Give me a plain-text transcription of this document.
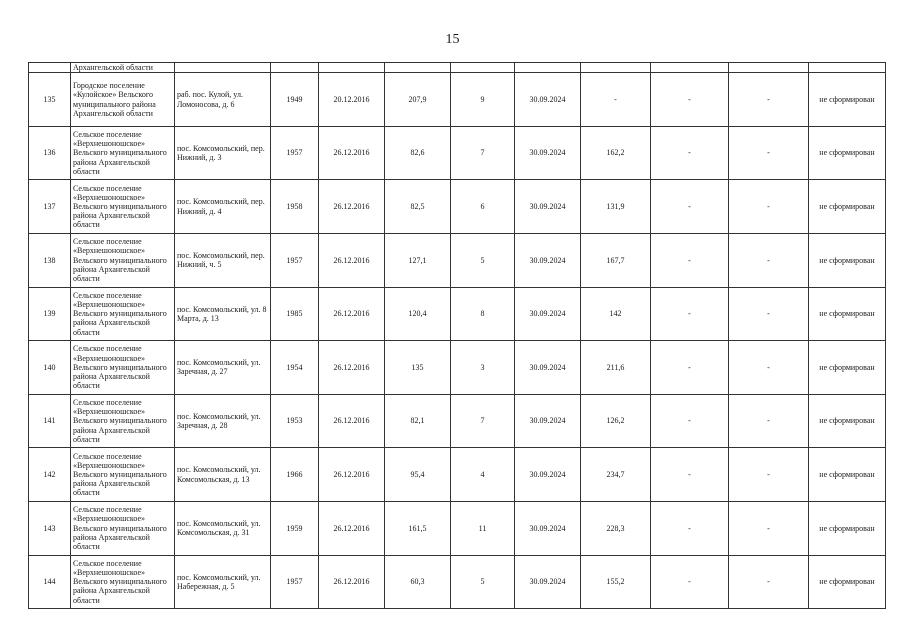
15
	Архангельской области										
135	Городское поселение «Кулойское» Вельского муниципального района Архангельской области	раб. пос. Кулой, ул. Ломоносова, д. 6	1949	20.12.2016	207,9	9	30.09.2024	-	-	-	не сформирован
136	Сельское поселение «Верхнешоношское» Вельского муниципального района Архангельской области	пос. Комсомольский, пер. Нижний, д. 3	1957	26.12.2016	82,6	7	30.09.2024	162,2	-	-	не сформирован
137	Сельское поселение «Верхнешоношское» Вельского муниципального района Архангельской области	пос. Комсомольский, пер. Нижний, д. 4	1958	26.12.2016	82,5	6	30.09.2024	131,9	-	-	не сформирован
138	Сельское поселение «Верхнешоношское» Вельского муниципального района Архангельской области	пос. Комсомольский, пер. Нижний, ч. 5	1957	26.12.2016	127,1	5	30.09.2024	167,7	-	-	не сформирован
139	Сельское поселение «Верхнешоношское» Вельского муниципального района Архангельской области	пос. Комсомольский, ул. 8 Марта, д. 13	1985	26.12.2016	120,4	8	30.09.2024	142	-	-	не сформирован
140	Сельское поселение «Верхнешоношское» Вельского муниципального района Архангельской области	пос. Комсомольский, ул. Заречная, д. 27	1954	26.12.2016	135	3	30.09.2024	211,6	-	-	не сформирован
141	Сельское поселение «Верхнешоношское» Вельского муниципального района Архангельской области	пос. Комсомольский, ул. Заречная, д. 28	1953	26.12.2016	82,1	7	30.09.2024	126,2	-	-	не сформирован
142	Сельское поселение «Верхнешоношское» Вельского муниципального района Архангельской области	пос. Комсомольский, ул. Комсомольская, д. 13	1966	26.12.2016	95,4	4	30.09.2024	234,7	-	-	не сформирован
143	Сельское поселение «Верхнешоношское» Вельского муниципального района Архангельской области	пос. Комсомольский, ул. Комсомольская, д. 31	1959	26.12.2016	161,5	11	30.09.2024	228,3	-	-	не сформирован
144	Сельское поселение «Верхнешоношское» Вельского муниципального района Архангельской области	пос. Комсомольский, ул. Набережная, д. 5	1957	26.12.2016	60,3	5	30.09.2024	155,2	-	-	не сформирован
